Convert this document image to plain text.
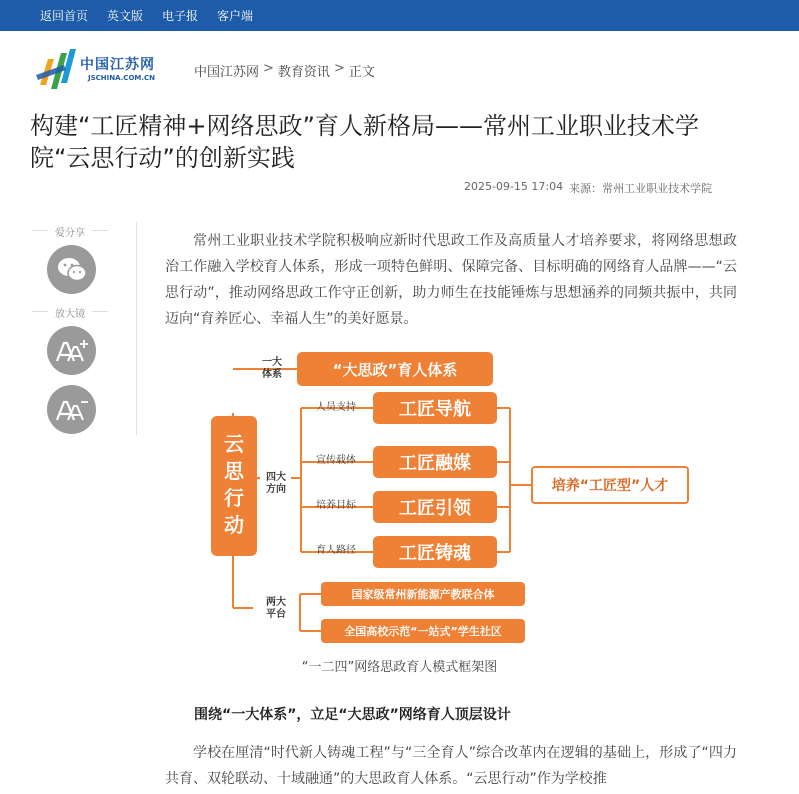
返回首页 英文版 电子报 客户端
中国江苏网
JSCHINA.COM.CN	中国江苏网 > 教育资讯 > 正文
构建“工匠精神+网络思政”育人新格局——常州工业职业技术学院“云思行动”的创新实践
2025-09-15 17:04 来源：常州工业职业技术学院
爱分享
放大镜

常州工业职业技术学院积极响应新时代思政工作及高质量人才培养要求，将网络思想政治工作融入学校育人体系，形成一项特色鲜明、保障完备、目标明确的网络育人品牌——“云思行动”，推动网络思政工作守正创新，助力师生在技能锤炼与思想涵养的同频共振中，共同迈向“育养匠心、幸福人生”的美好愿景。

云思行动
“大思政”育人体系
工匠导航
工匠融媒
工匠引领
工匠铸魂
培养“工匠型”人才
国家级常州新能源产教联合体
全国高校示范“一站式”学生社区
一大体系
四大方向
两大平台
人员支持
宣传载体
培养目标
育人路径
“一二四”网络思政育人模式框架图
围绕“一大体系”，立足“大思政”网络育人顶层设计

学校在厘清“时代新人铸魂工程”与“三全育人”综合改革内在逻辑的基础上，形成了“四力共育、双轮联动、十域融通”的大思政育人体系。“云思行动”作为学校推
